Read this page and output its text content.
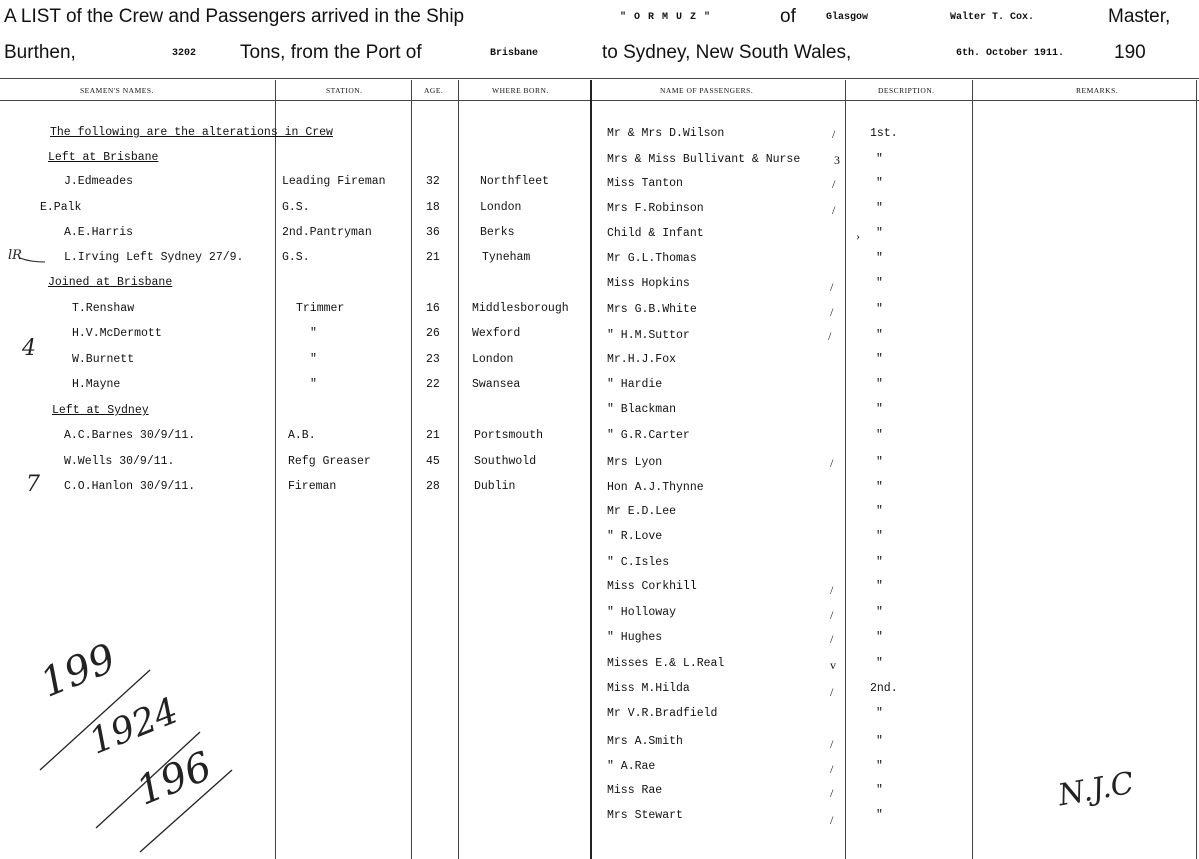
A LIST of the Crew and Passengers arrived in the Ship	" O R M U Z "	of	Glasgow	Walter T. Cox.	Master,
Burthen,	3202 Tons, from the Port of	Brisbane	to Sydney, New South Wales,	6th. October 1911.	190
SEAMEN'S NAMES.	STATION.	AGE.	WHERE BORN.	NAME OF PASSENGERS.	DESCRIPTION.	REMARKS.
The following are the alterations in Crew
Left at Brisbane
J.Edmeades	Leading Fireman	32	Northfleet
E.Palk	G.S.	18	London
A.E.Harris	2nd.Pantryman	36	Berks
L.Irving Left Sydney 27/9.	G.S.	21	Tyneham
Joined at Brisbane
T.Renshaw	Trimmer	16	Middlesborough
H.V.McDermott	"	26	Wexford
W.Burnett	"	23	London
H.Mayne	"	22	Swansea
Left at Sydney
A.C.Barnes 30/9/11.	A.B.	21	Portsmouth
W.Wells 30/9/11.	Refg Greaser	45	Southwold
C.O.Hanlon 30/9/11.	Fireman	28	Dublin
Mr & Mrs D.Wilson	1st.
Mrs & Miss Bullivant & Nurse	"
Miss Tanton	"
Mrs F.Robinson	"
Child & Infant	"
Mr G.L.Thomas	"
Miss Hopkins	"
Mrs G.B.White	"
" H.M.Suttor	"
Mr.H.J.Fox	"
" Hardie	"
" Blackman	"
" G.R.Carter	"
Mrs Lyon	"
Hon A.J.Thynne	"
Mr E.D.Lee	"
" R.Love	"
" C.Isles	"
Miss Corkhill	"
" Holloway	"
" Hughes	"
Misses E.& L.Real	"
Miss M.Hilda	2nd.
Mr V.R.Bradfield	"
Mrs A.Smith	"
" A.Rae	"
Miss Rae	"
Mrs Stewart	"
/
3
/
/
›
/
/
/
/
/
/
/
v
/
/
/
/
/
199
1924
196	N.J.C
lR
4
7
